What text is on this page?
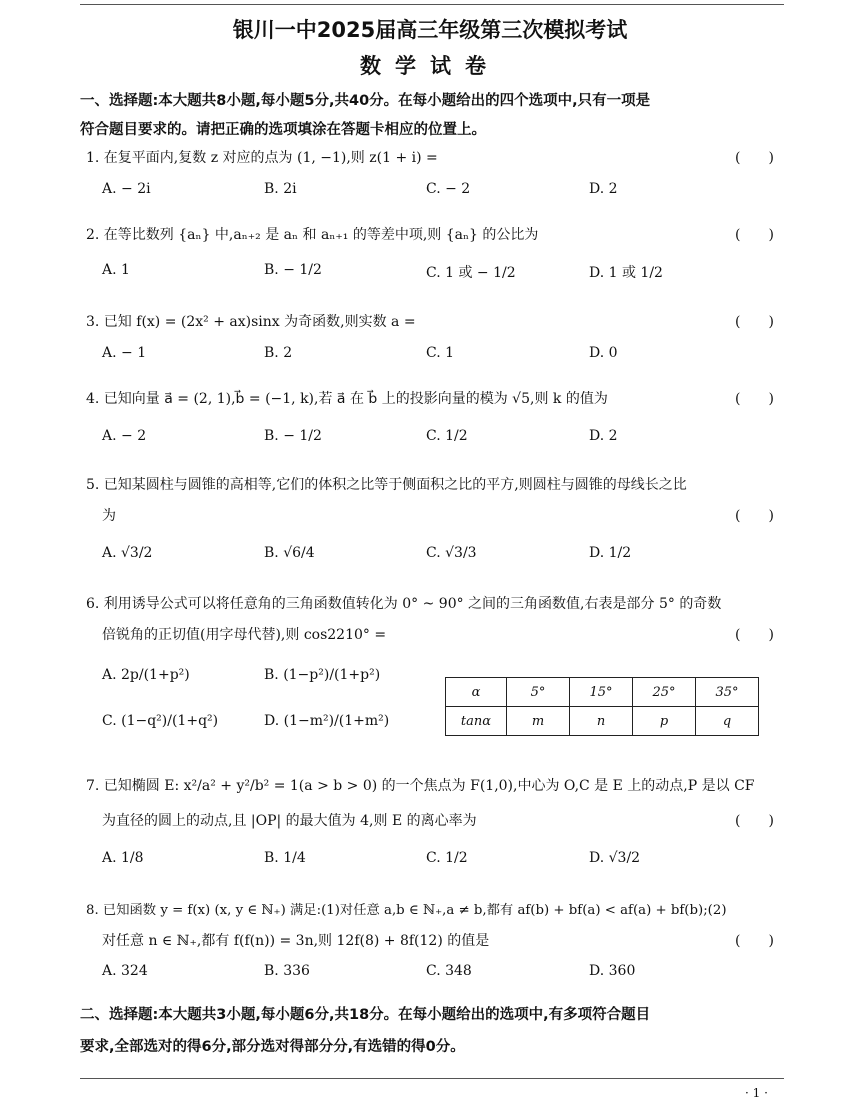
银川一中2025届高三年级第三次模拟考试
数学试卷
一、选择题:本大题共8小题,每小题5分,共40分。在每小题给出的四个选项中,只有一项是
符合题目要求的。请把正确的选项填涂在答题卡相应的位置上。
1. 在复平面内,复数 z 对应的点为 (1, −1),则 z(1 + i) =	(　　)
A. − 2i	B. 2i	C. − 2	D. 2
2. 在等比数列 {aₙ} 中,aₙ₊₂ 是 aₙ 和 aₙ₊₁ 的等差中项,则 {aₙ} 的公比为	(　　)
A. 1	B. − 1/2	C. 1 或 − 1/2	D. 1 或 1/2
3. 已知 f(x) = (2x² + ax)sinx 为奇函数,则实数 a =	(　　)
A. − 1	B. 2	C. 1	D. 0
4. 已知向量 a⃗ = (2, 1),b⃗ = (−1, k),若 a⃗ 在 b⃗ 上的投影向量的模为 √5,则 k 的值为	(　　)
A. − 2	B. − 1/2	C. 1/2	D. 2
5. 已知某圆柱与圆锥的高相等,它们的体积之比等于侧面积之比的平方,则圆柱与圆锥的母线长之比
为	(　　)
A. √3/2	B. √6/4	C. √3/3	D. 1/2
6. 利用诱导公式可以将任意角的三角函数值转化为 0° ~ 90° 之间的三角函数值,右表是部分 5° 的奇数
倍锐角的正切值(用字母代替),则 cos2210° =	(　　)
A. 2p/(1+p²)	B. (1−p²)/(1+p²)
C. (1−q²)/(1+q²)	D. (1−m²)/(1+m²)
α	5°	15°	25°	35°
tanα	m	n	p	q
7. 已知椭圆 E: x²/a² + y²/b² = 1(a > b > 0) 的一个焦点为 F(1,0),中心为 O,C 是 E 上的动点,P 是以 CF
为直径的圆上的动点,且 |OP| 的最大值为 4,则 E 的离心率为	(　　)
A. 1/8	B. 1/4	C. 1/2	D. √3/2
8. 已知函数 y = f(x) (x, y ∈ ℕ₊) 满足:(1)对任意 a,b ∈ ℕ₊,a ≠ b,都有 af(b) + bf(a) < af(a) + bf(b);(2)
对任意 n ∈ ℕ₊,都有 f(f(n)) = 3n,则 12f(8) + 8f(12) 的值是	(　　)
A. 324	B. 336	C. 348	D. 360
二、选择题:本大题共3小题,每小题6分,共18分。在每小题给出的选项中,有多项符合题目
要求,全部选对的得6分,部分选对得部分分,有选错的得0分。
· 1 ·
